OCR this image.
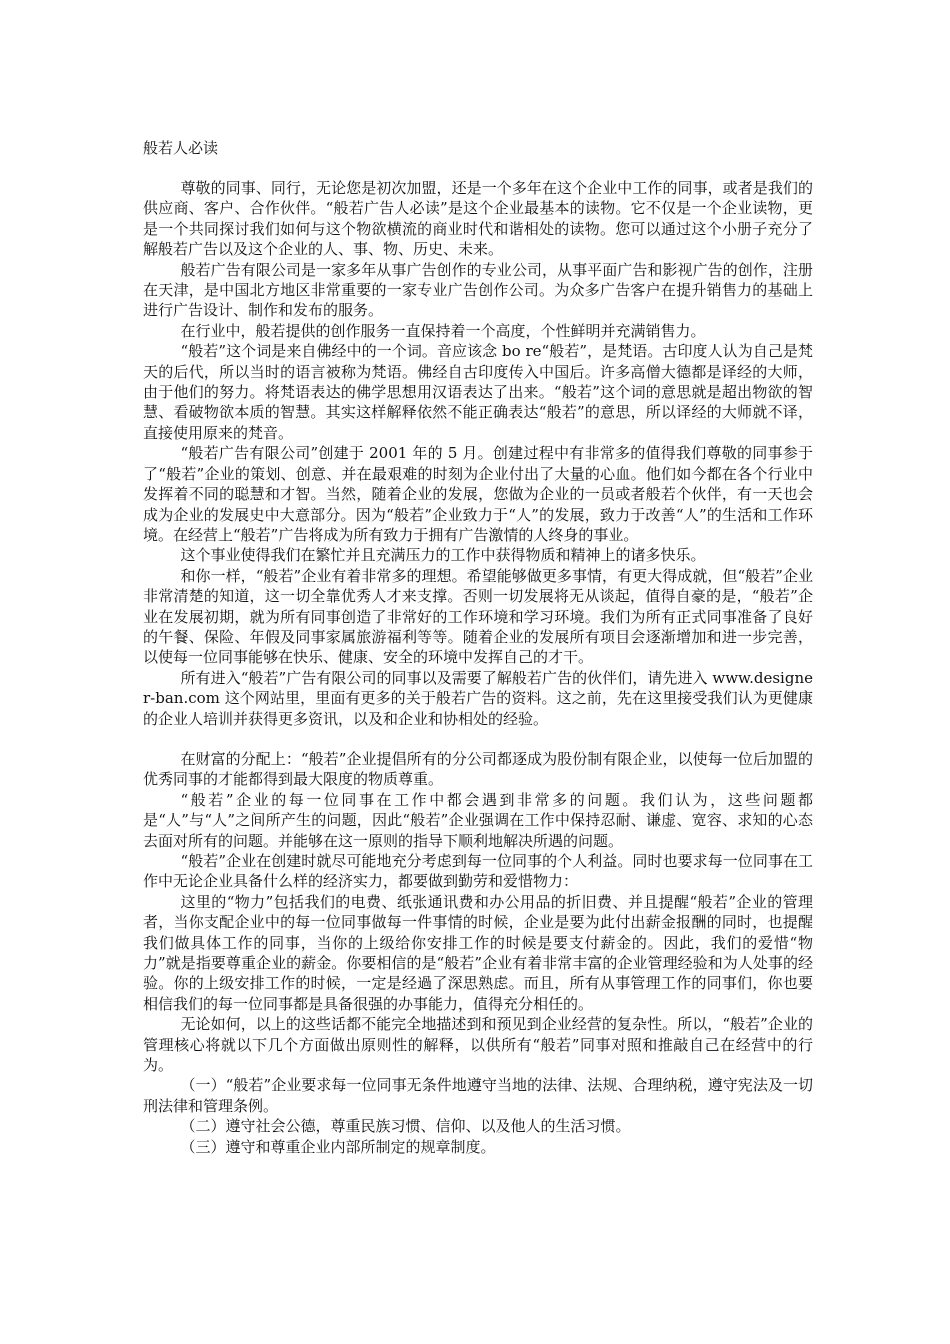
般若人必读

尊敬的同事、同行，无论您是初次加盟，还是一个多年在这个企业中工作的同事，或者是我们的供应商、客户、合作伙伴。“般若广告人必读”是这个企业最基本的读物。它不仅是一个企业读物，更是一个共同探讨我们如何与这个物欲横流的商业时代和谐相处的读物。您可以通过这个小册子充分了解般若广告以及这个企业的人、事、物、历史、未来。

般若广告有限公司是一家多年从事广告创作的专业公司，从事平面广告和影视广告的创作，注册在天津，是中国北方地区非常重要的一家专业广告创作公司。为众多广告客户在提升销售力的基础上进行广告设计、制作和发布的服务。

在行业中，般若提供的创作服务一直保持着一个高度，个性鲜明并充满销售力。

“般若”这个词是来自佛经中的一个词。音应该念 bo re“般若”，是梵语。古印度人认为自己是梵天的后代，所以当时的语言被称为梵语。佛经自古印度传入中国后。许多高僧大德都是译经的大师，由于他们的努力。将梵语表达的佛学思想用汉语表达了出来。“般若”这个词的意思就是超出物欲的智慧、看破物欲本质的智慧。其实这样解释依然不能正确表达“般若”的意思，所以译经的大师就不译，直接使用原来的梵音。

“般若广告有限公司”创建于 2001 年的 5 月。创建过程中有非常多的值得我们尊敬的同事参于了“般若”企业的策划、创意、并在最艰难的时刻为企业付出了大量的心血。他们如今都在各个行业中发挥着不同的聪慧和才智。当然，随着企业的发展，您做为企业的一员或者般若个伙伴，有一天也会成为企业的发展史中大意部分。因为“般若”企业致力于“人”的发展，致力于改善“人”的生活和工作环境。在经营上“般若”广告将成为所有致力于拥有广告激情的人终身的事业。

这个事业使得我们在繁忙并且充满压力的工作中获得物质和精神上的诸多快乐。

和你一样，“般若”企业有着非常多的理想。希望能够做更多事情，有更大得成就，但“般若”企业非常清楚的知道，这一切全靠优秀人才来支撑。否则一切发展将无从谈起，值得自豪的是，“般若”企业在发展初期，就为所有同事创造了非常好的工作环境和学习环境。我们为所有正式同事准备了良好的午餐、保险、年假及同事家属旅游福利等等。随着企业的发展所有项目会逐渐增加和进一步完善，以使每一位同事能够在快乐、健康、安全的环境中发挥自己的才干。

所有进入“般若”广告有限公司的同事以及需要了解般若广告的伙伴们，请先进入 www.designer-ban.com 这个网站里，里面有更多的关于般若广告的资料。这之前，先在这里接受我们认为更健康的企业人培训并获得更多资讯，以及和企业和协相处的经验。

在财富的分配上：“般若”企业提倡所有的分公司都逐成为股份制有限企业，以使每一位后加盟的优秀同事的才能都得到最大限度的物质尊重。

“般若”企业的每一位同事在工作中都会遇到非常多的问题。我们认为，这些问题都是“人”与“人”之间所产生的问题，因此“般若”企业强调在工作中保持忍耐、谦虚、宽容、求知的心态去面对所有的问题。并能够在这一原则的指导下顺利地解决所遇的问题。

“般若”企业在创建时就尽可能地充分考虑到每一位同事的个人利益。同时也要求每一位同事在工作中无论企业具备什么样的经济实力，都要做到勤劳和爱惜物力：

这里的“物力”包括我们的电费、纸张通讯费和办公用品的折旧费、并且提醒“般若”企业的管理者，当你支配企业中的每一位同事做每一件事情的时候，企业是要为此付出薪金报酬的同时，也提醒我们做具体工作的同事，当你的上级给你安排工作的时候是要支付薪金的。因此，我们的爱惜“物力”就是指要尊重企业的薪金。你要相信的是“般若”企业有着非常丰富的企业管理经验和为人处事的经验。你的上级安排工作的时候，一定是经過了深思熟虑。而且，所有从事管理工作的同事们，你也要相信我们的每一位同事都是具备很强的办事能力，值得充分相任的。

无论如何，以上的这些话都不能完全地描述到和预见到企业经营的复杂性。所以，“般若”企业的管理核心将就以下几个方面做出原则性的解释，以供所有“般若”同事对照和推敲自己在经营中的行为。

（一）“般若”企业要求每一位同事无条件地遵守当地的法律、法规、合理纳税，遵守宪法及一切刑法律和管理条例。

（二）遵守社会公德，尊重民族习惯、信仰、以及他人的生活习惯。

（三）遵守和尊重企业内部所制定的规章制度。
